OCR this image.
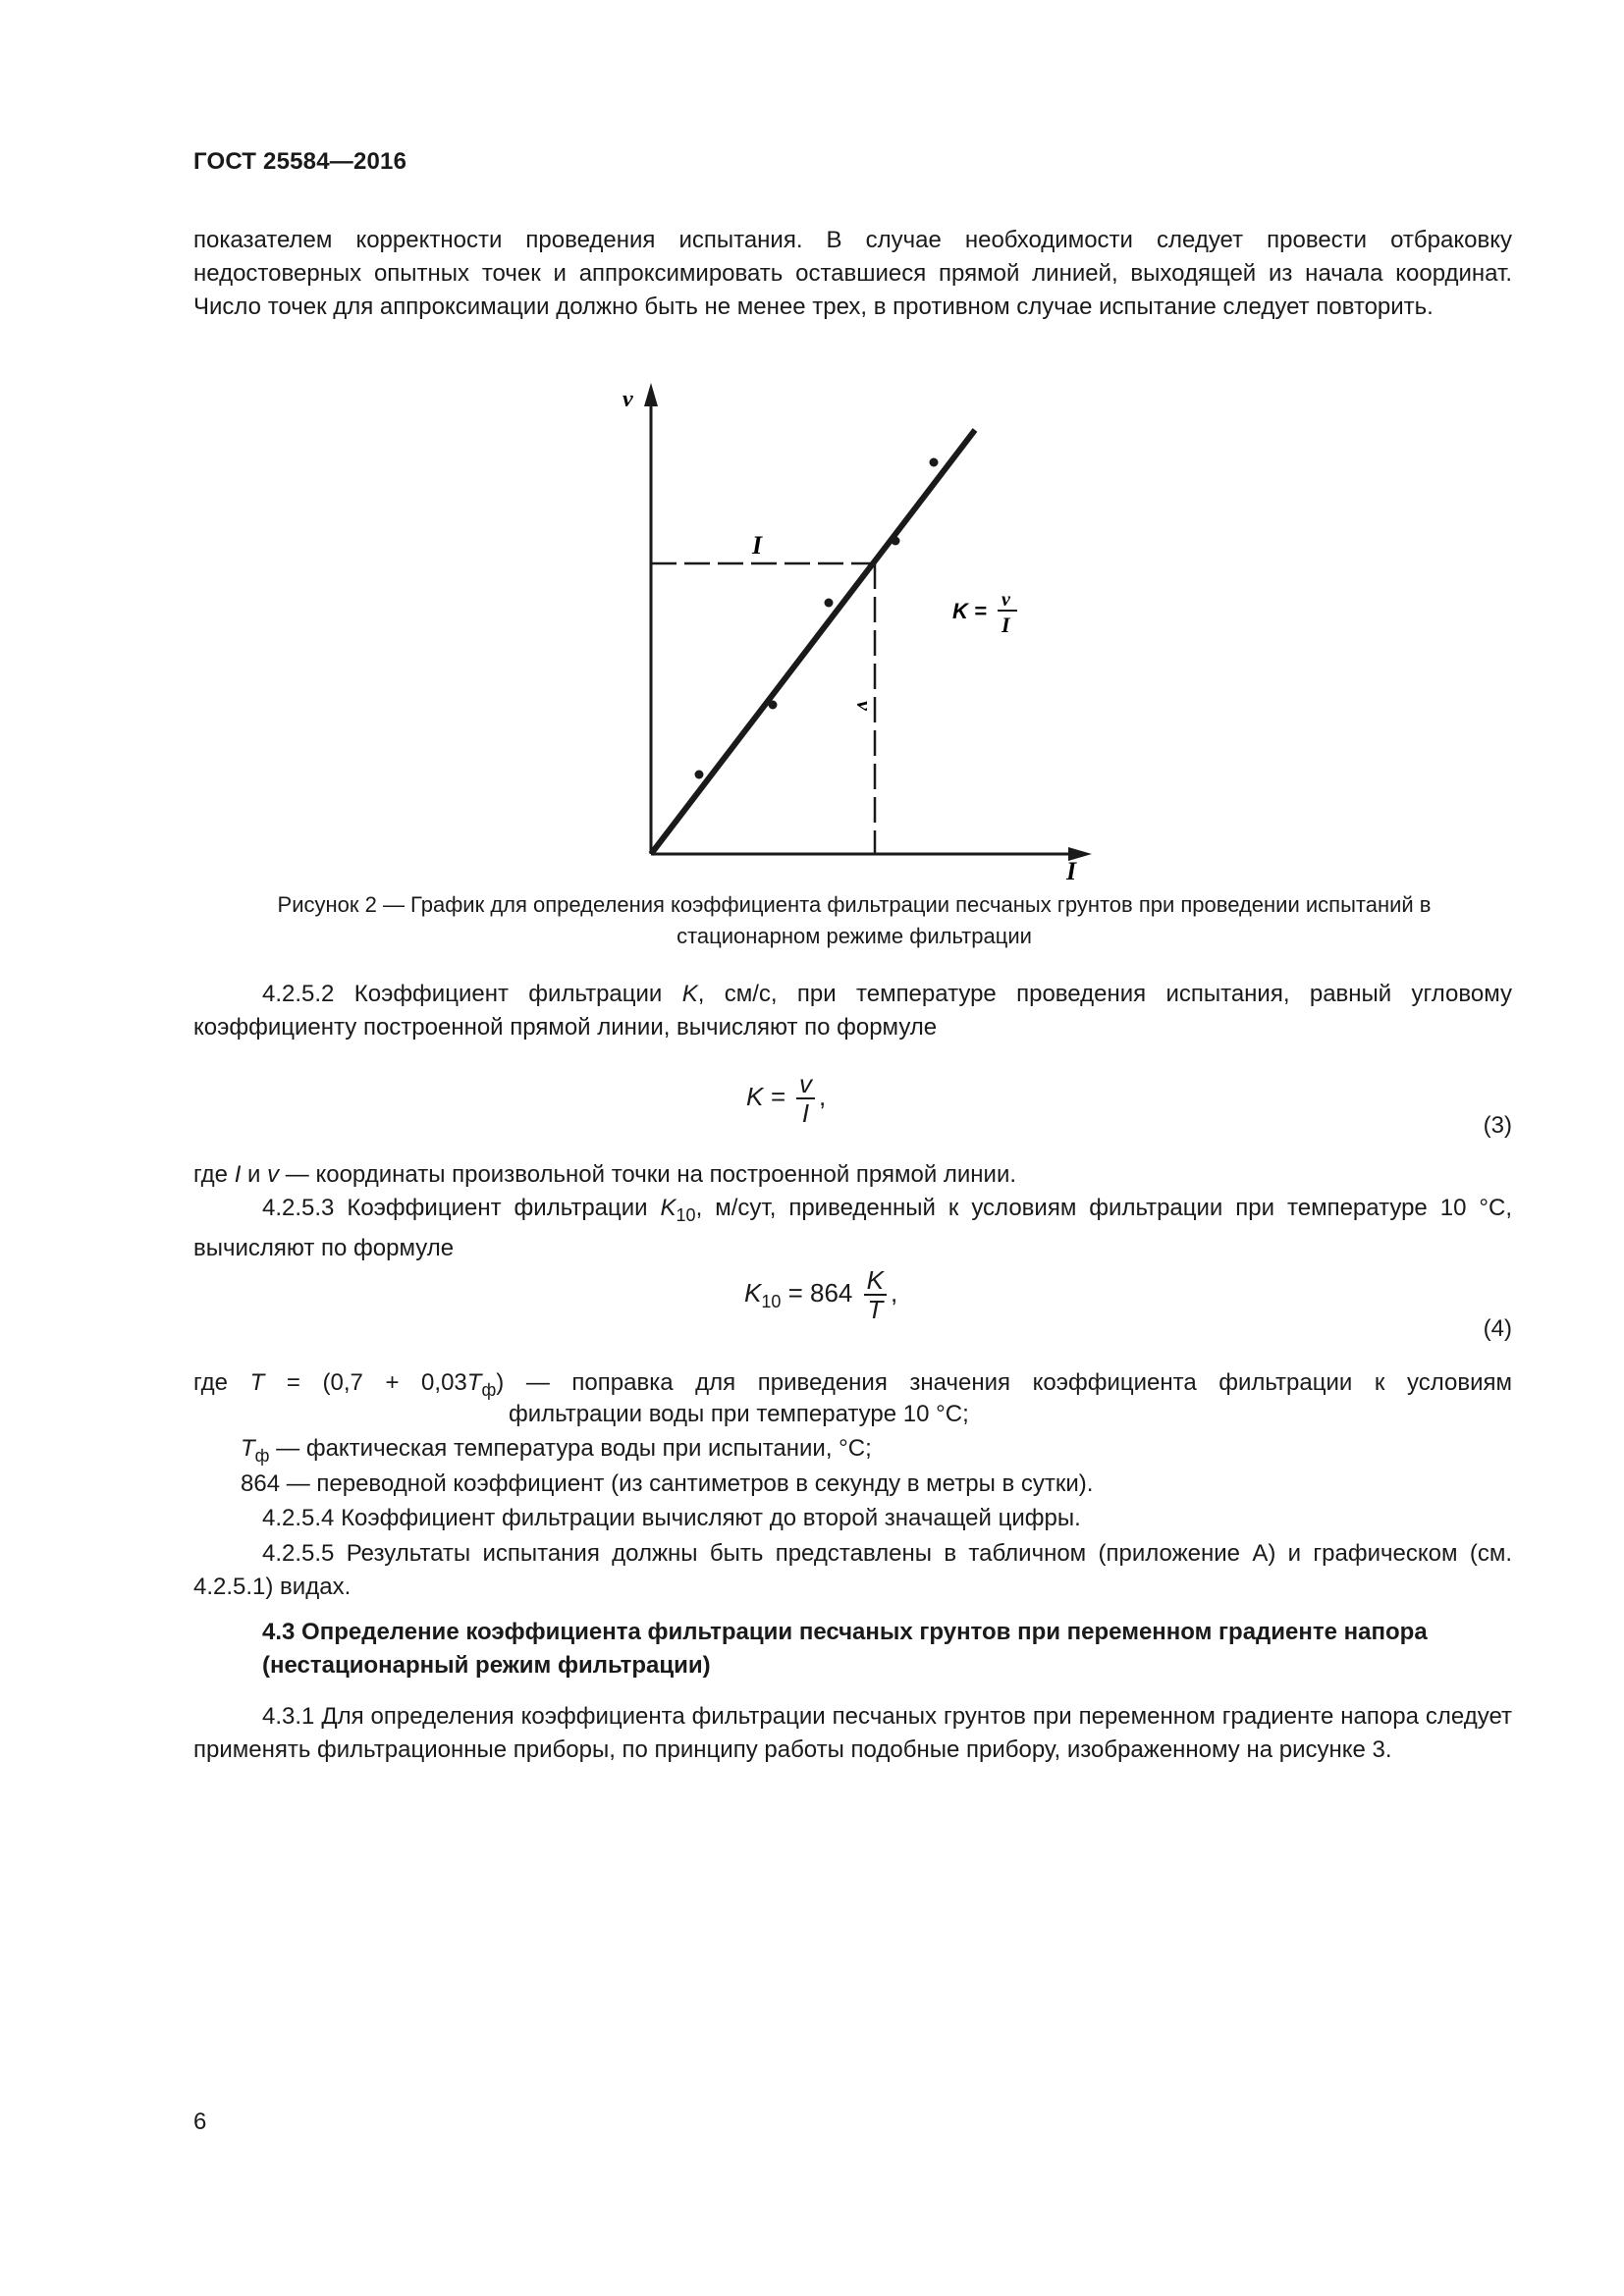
ГОСТ 25584—2016

показателем корректности проведения испытания. В случае необходимости следует провести отбраковку недостоверных опытных точек и аппроксимировать оставшиеся прямой линией, выходящей из начала координат. Число точек для аппроксимации должно быть не менее трех, в противном случае испытание следует повторить.

v
I
I
v
K = v
I
Рисунок 2 — График для определения коэффициента фильтрации песчаных грунтов при проведении испытаний в
стационарном режиме фильтрации

4.2.5.2 Коэффициент фильтрации K, см/с, при температуре проведения испытания, равный угловому коэффициенту построенной прямой линии, вычисляют по формуле

$K = \frac{v}{I}$ ,
(3)

где I и v — координаты произвольной точки на построенной прямой линии.

4.2.5.3 Коэффициент фильтрации $K_{10}$, м/сут, приведенный к условиям фильтрации при температуре 10 °С, вычисляют по формуле

$K_{10} = 864 \frac{K}{T}$ ,
(4)

где $T = (0,7 + 0,03T_ф)$ — поправка для приведения значения коэффициента фильтрации к условиям

фильтрации воды при температуре 10 °С;
$T_ф$ — фактическая температура воды при испытании, °С;
864 — переводной коэффициент (из сантиметров в секунду в метры в сутки).
4.2.5.4 Коэффициент фильтрации вычисляют до второй значащей цифры.

4.2.5.5 Результаты испытания должны быть представлены в табличном (приложение А) и графическом (см. 4.2.5.1) видах.

4.3 Определение коэффициента фильтрации песчаных грунтов при переменном градиенте напора (нестационарный режим фильтрации)

4.3.1 Для определения коэффициента фильтрации песчаных грунтов при переменном градиенте напора следует применять фильтрационные приборы, по принципу работы подобные прибору, изображенному на рисунке 3.

6
